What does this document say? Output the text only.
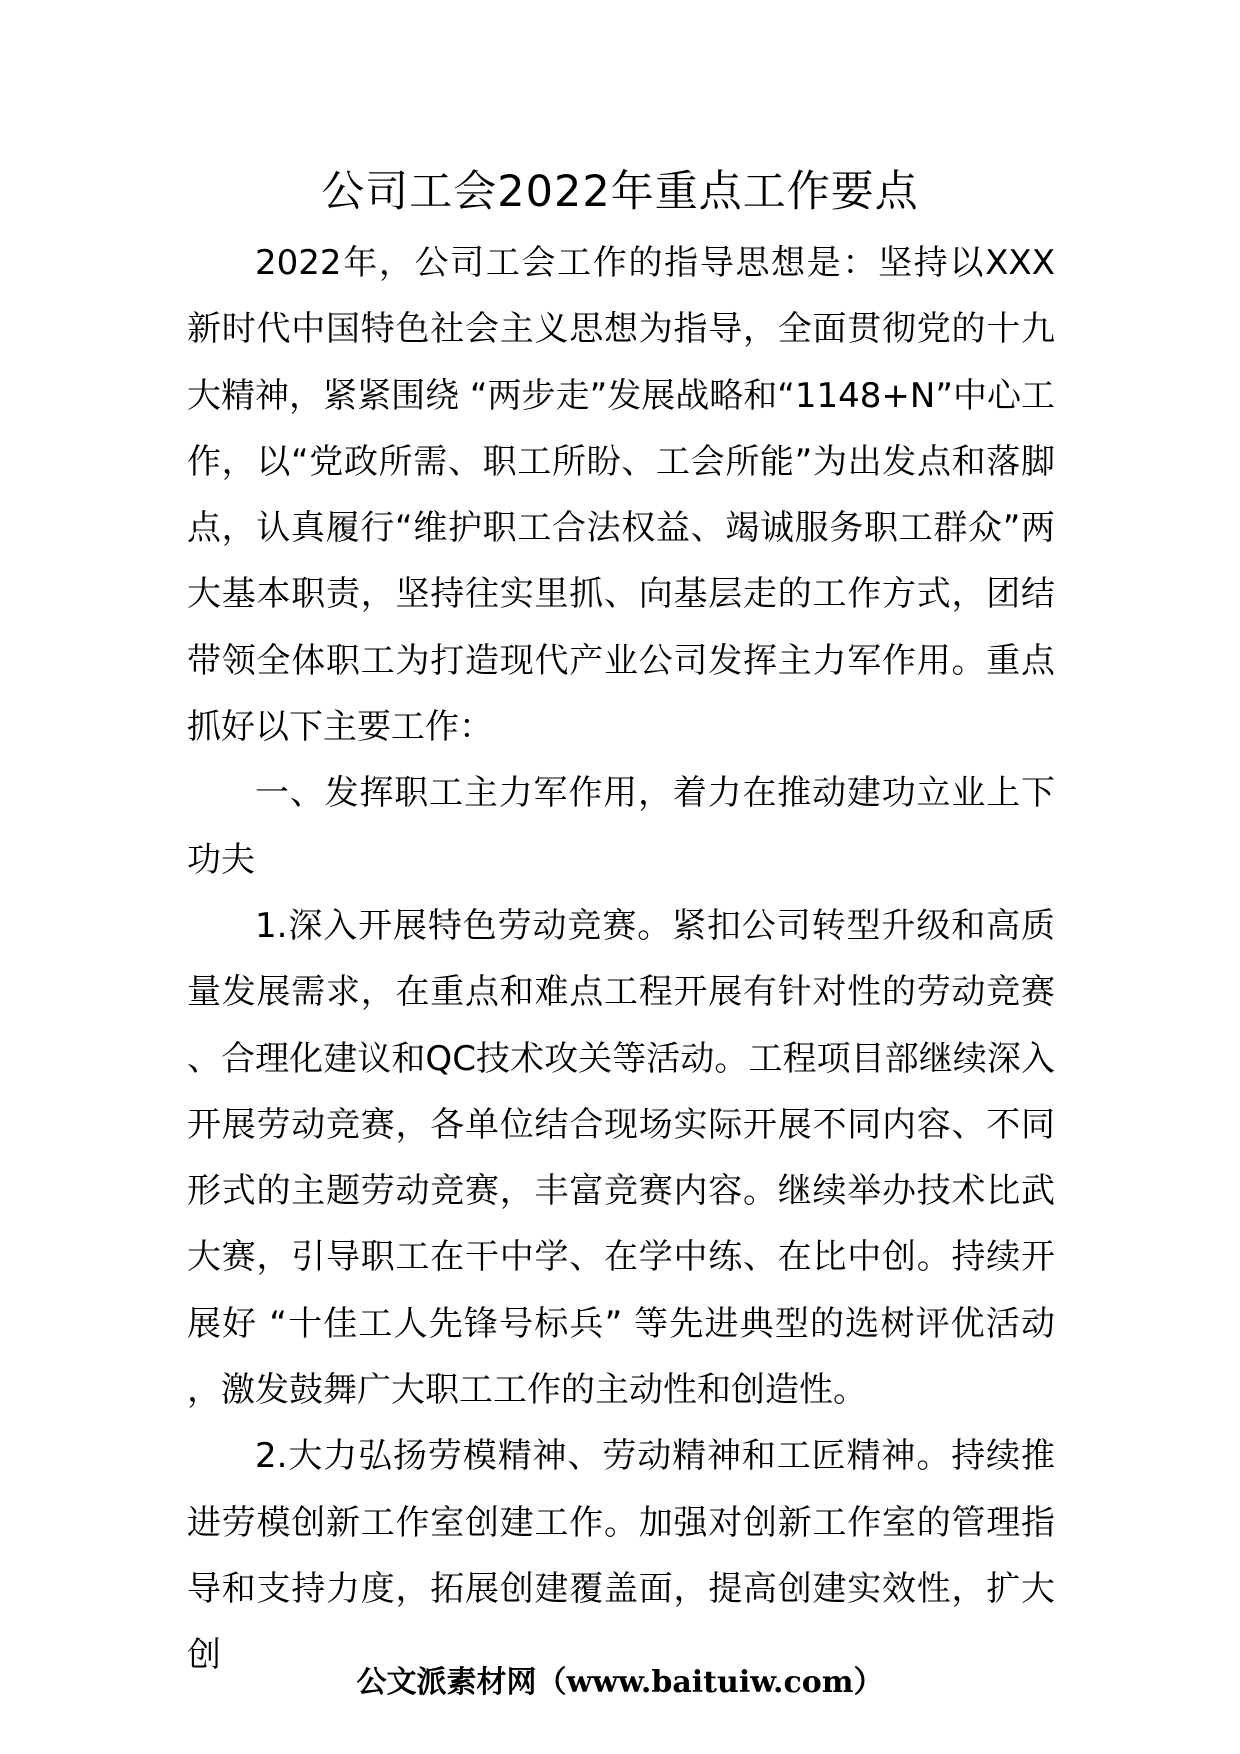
公司工会2022年重点工作要点

2022年，公司工会工作的指导思想是：坚持以XXX新时代中国特色社会主义思想为指导，全面贯彻党的十九大精神，紧紧围绕 “两步走”发展战略和“1148+N”中心工作，以“党政所需、职工所盼、工会所能”为出发点和落脚点，认真履行“维护职工合法权益、竭诚服务职工群众”两大基本职责，坚持往实里抓、向基层走的工作方式，团结带领全体职工为打造现代产业公司发挥主力军作用。重点抓好以下主要工作：

一、发挥职工主力军作用，着力在推动建功立业上下功夫

1.深入开展特色劳动竞赛。紧扣公司转型升级和高质量发展需求，在重点和难点工程开展有针对性的劳动竞赛、合理化建议和QC技术攻关等活动。工程项目部继续深入开展劳动竞赛，各单位结合现场实际开展不同内容、不同形式的主题劳动竞赛，丰富竞赛内容。继续举办技术比武大赛，引导职工在干中学、在学中练、在比中创。持续开展好 “十佳工人先锋号标兵” 等先进典型的选树评优活动，激发鼓舞广大职工工作的主动性和创造性。

2.大力弘扬劳模精神、劳动精神和工匠精神。持续推进劳模创新工作室创建工作。加强对创新工作室的管理指导和支持力度，拓展创建覆盖面，提高创建实效性，扩大创

公文派素材网（www.baituiw.com）
